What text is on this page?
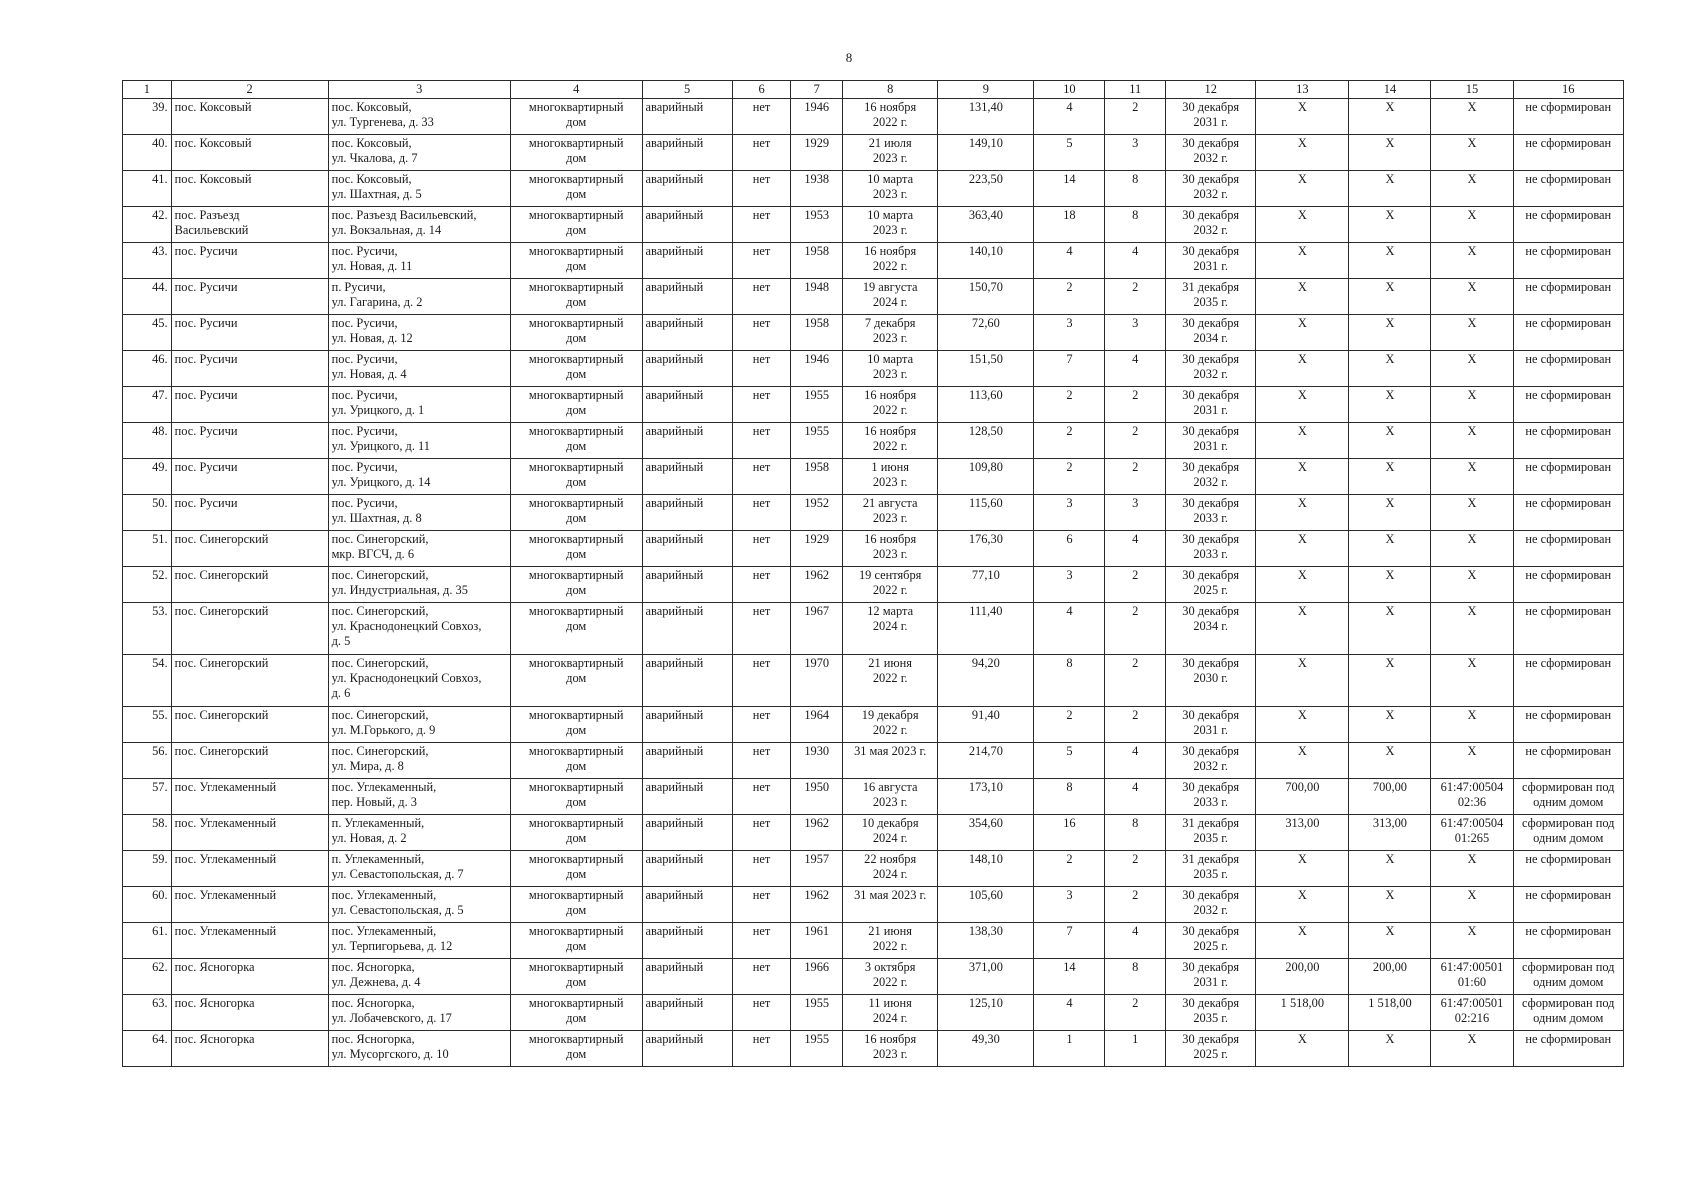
8
1	2	3	4	5	6	7	8	9	10	11	12	13	14	15	16
39.	пос. Коксовый	пос. Коксовый,
ул. Тургенева, д. 33	многоквартирный
дом	аварийный	нет	1946	16 ноября
2022 г.	131,40	4	2	30 декабря
2031 г.	X	X	X	не сформирован
40.	пос. Коксовый	пос. Коксовый,
ул. Чкалова, д. 7	многоквартирный
дом	аварийный	нет	1929	21 июля
2023 г.	149,10	5	3	30 декабря
2032 г.	X	X	X	не сформирован
41.	пос. Коксовый	пос. Коксовый,
ул. Шахтная, д. 5	многоквартирный
дом	аварийный	нет	1938	10 марта
2023 г.	223,50	14	8	30 декабря
2032 г.	X	X	X	не сформирован
42.	пос. Разъезд
Васильевский	пос. Разъезд Васильевский,
ул. Вокзальная, д. 14	многоквартирный
дом	аварийный	нет	1953	10 марта
2023 г.	363,40	18	8	30 декабря
2032 г.	X	X	X	не сформирован
43.	пос. Русичи	пос. Русичи,
ул. Новая, д. 11	многоквартирный
дом	аварийный	нет	1958	16 ноября
2022 г.	140,10	4	4	30 декабря
2031 г.	X	X	X	не сформирован
44.	пос. Русичи	п. Русичи,
ул. Гагарина, д. 2	многоквартирный
дом	аварийный	нет	1948	19 августа
2024 г.	150,70	2	2	31 декабря
2035 г.	X	X	X	не сформирован
45.	пос. Русичи	пос. Русичи,
ул. Новая, д. 12	многоквартирный
дом	аварийный	нет	1958	7 декабря
2023 г.	72,60	3	3	30 декабря
2034 г.	X	X	X	не сформирован
46.	пос. Русичи	пос. Русичи,
ул. Новая, д. 4	многоквартирный
дом	аварийный	нет	1946	10 марта
2023 г.	151,50	7	4	30 декабря
2032 г.	X	X	X	не сформирован
47.	пос. Русичи	пос. Русичи,
ул. Урицкого, д. 1	многоквартирный
дом	аварийный	нет	1955	16 ноября
2022 г.	113,60	2	2	30 декабря
2031 г.	X	X	X	не сформирован
48.	пос. Русичи	пос. Русичи,
ул. Урицкого, д. 11	многоквартирный
дом	аварийный	нет	1955	16 ноября
2022 г.	128,50	2	2	30 декабря
2031 г.	X	X	X	не сформирован
49.	пос. Русичи	пос. Русичи,
ул. Урицкого, д. 14	многоквартирный
дом	аварийный	нет	1958	1 июня
2023 г.	109,80	2	2	30 декабря
2032 г.	X	X	X	не сформирован
50.	пос. Русичи	пос. Русичи,
ул. Шахтная, д. 8	многоквартирный
дом	аварийный	нет	1952	21 августа
2023 г.	115,60	3	3	30 декабря
2033 г.	X	X	X	не сформирован
51.	пос. Синегорский	пос. Синегорский,
мкр. ВГСЧ, д. 6	многоквартирный
дом	аварийный	нет	1929	16 ноября
2023 г.	176,30	6	4	30 декабря
2033 г.	X	X	X	не сформирован
52.	пос. Синегорский	пос. Синегорский,
ул. Индустриальная, д. 35	многоквартирный
дом	аварийный	нет	1962	19 сентября
2022 г.	77,10	3	2	30 декабря
2025 г.	X	X	X	не сформирован
53.	пос. Синегорский	пос. Синегорский,
ул. Краснодонецкий Совхоз,
д. 5	многоквартирный
дом	аварийный	нет	1967	12 марта
2024 г.	111,40	4	2	30 декабря
2034 г.	X	X	X	не сформирован
54.	пос. Синегорский	пос. Синегорский,
ул. Краснодонецкий Совхоз,
д. 6	многоквартирный
дом	аварийный	нет	1970	21 июня
2022 г.	94,20	8	2	30 декабря
2030 г.	X	X	X	не сформирован
55.	пос. Синегорский	пос. Синегорский,
ул. М.Горького, д. 9	многоквартирный
дом	аварийный	нет	1964	19 декабря
2022 г.	91,40	2	2	30 декабря
2031 г.	X	X	X	не сформирован
56.	пос. Синегорский	пос. Синегорский,
ул. Мира, д. 8	многоквартирный
дом	аварийный	нет	1930	31 мая 2023 г.	214,70	5	4	30 декабря
2032 г.	X	X	X	не сформирован
57.	пос. Углекаменный	пос. Углекаменный,
пер. Новый, д. 3	многоквартирный
дом	аварийный	нет	1950	16 августа
2023 г.	173,10	8	4	30 декабря
2033 г.	700,00	700,00	61:47:00504
02:36	сформирован под
одним домом
58.	пос. Углекаменный	п. Углекаменный,
ул. Новая, д. 2	многоквартирный
дом	аварийный	нет	1962	10 декабря
2024 г.	354,60	16	8	31 декабря
2035 г.	313,00	313,00	61:47:00504
01:265	сформирован под
одним домом
59.	пос. Углекаменный	п. Углекаменный,
ул. Севастопольская, д. 7	многоквартирный
дом	аварийный	нет	1957	22 ноября
2024 г.	148,10	2	2	31 декабря
2035 г.	X	X	X	не сформирован
60.	пос. Углекаменный	пос. Углекаменный,
ул. Севастопольская, д. 5	многоквартирный
дом	аварийный	нет	1962	31 мая 2023 г.	105,60	3	2	30 декабря
2032 г.	X	X	X	не сформирован
61.	пос. Углекаменный	пос. Углекаменный,
ул. Терпигорьева, д. 12	многоквартирный
дом	аварийный	нет	1961	21 июня
2022 г.	138,30	7	4	30 декабря
2025 г.	X	X	X	не сформирован
62.	пос. Ясногорка	пос. Ясногорка,
ул. Дежнева, д. 4	многоквартирный
дом	аварийный	нет	1966	3 октября
2022 г.	371,00	14	8	30 декабря
2031 г.	200,00	200,00	61:47:00501
01:60	сформирован под
одним домом
63.	пос. Ясногорка	пос. Ясногорка,
ул. Лобачевского, д. 17	многоквартирный
дом	аварийный	нет	1955	11 июня
2024 г.	125,10	4	2	30 декабря
2035 г.	1 518,00	1 518,00	61:47:00501
02:216	сформирован под
одним домом
64.	пос. Ясногорка	пос. Ясногорка,
ул. Мусоргского, д. 10	многоквартирный
дом	аварийный	нет	1955	16 ноября
2023 г.	49,30	1	1	30 декабря
2025 г.	X	X	X	не сформирован
